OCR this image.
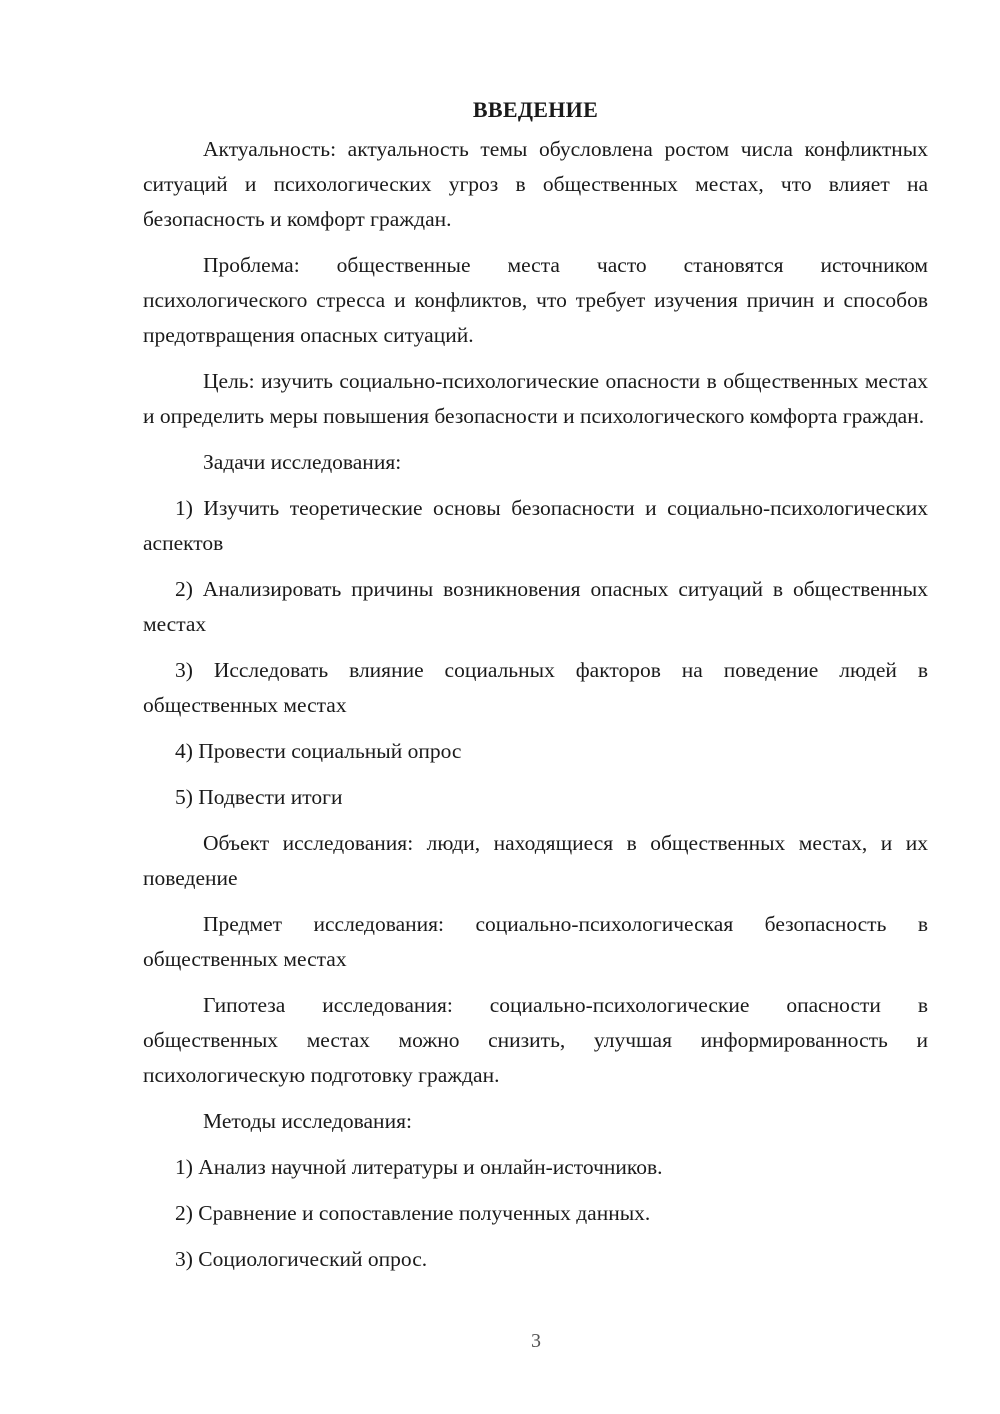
ВВЕДЕНИЕ

Актуальность: актуальность темы обусловлена ростом числа конфликтных ситуаций и психологических угроз в общественных местах, что влияет на безопасность и комфорт граждан.

Проблема: общественные места часто становятся источником психологического стресса и конфликтов, что требует изучения причин и способов предотвращения опасных ситуаций.

Цель: изучить социально-психологические опасности в общественных местах и определить меры повышения безопасности и психологического комфорта граждан.

Задачи исследования:

1) Изучить теоретические основы безопасности и социально-психологических аспектов

2) Анализировать причины возникновения опасных ситуаций в общественных местах

3) Исследовать влияние социальных факторов на поведение людей в общественных местах

4) Провести социальный опрос

5) Подвести итоги

Объект исследования: люди, находящиеся в общественных местах, и их поведение

Предмет исследования: социально-психологическая безопасность в общественных местах

Гипотеза исследования: социально-психологические опасности в общественных местах можно снизить, улучшая информированность и психологическую подготовку граждан.

Методы исследования:

1) Анализ научной литературы и онлайн-источников.

2) Сравнение и сопоставление полученных данных.

3) Социологический опрос.

3
